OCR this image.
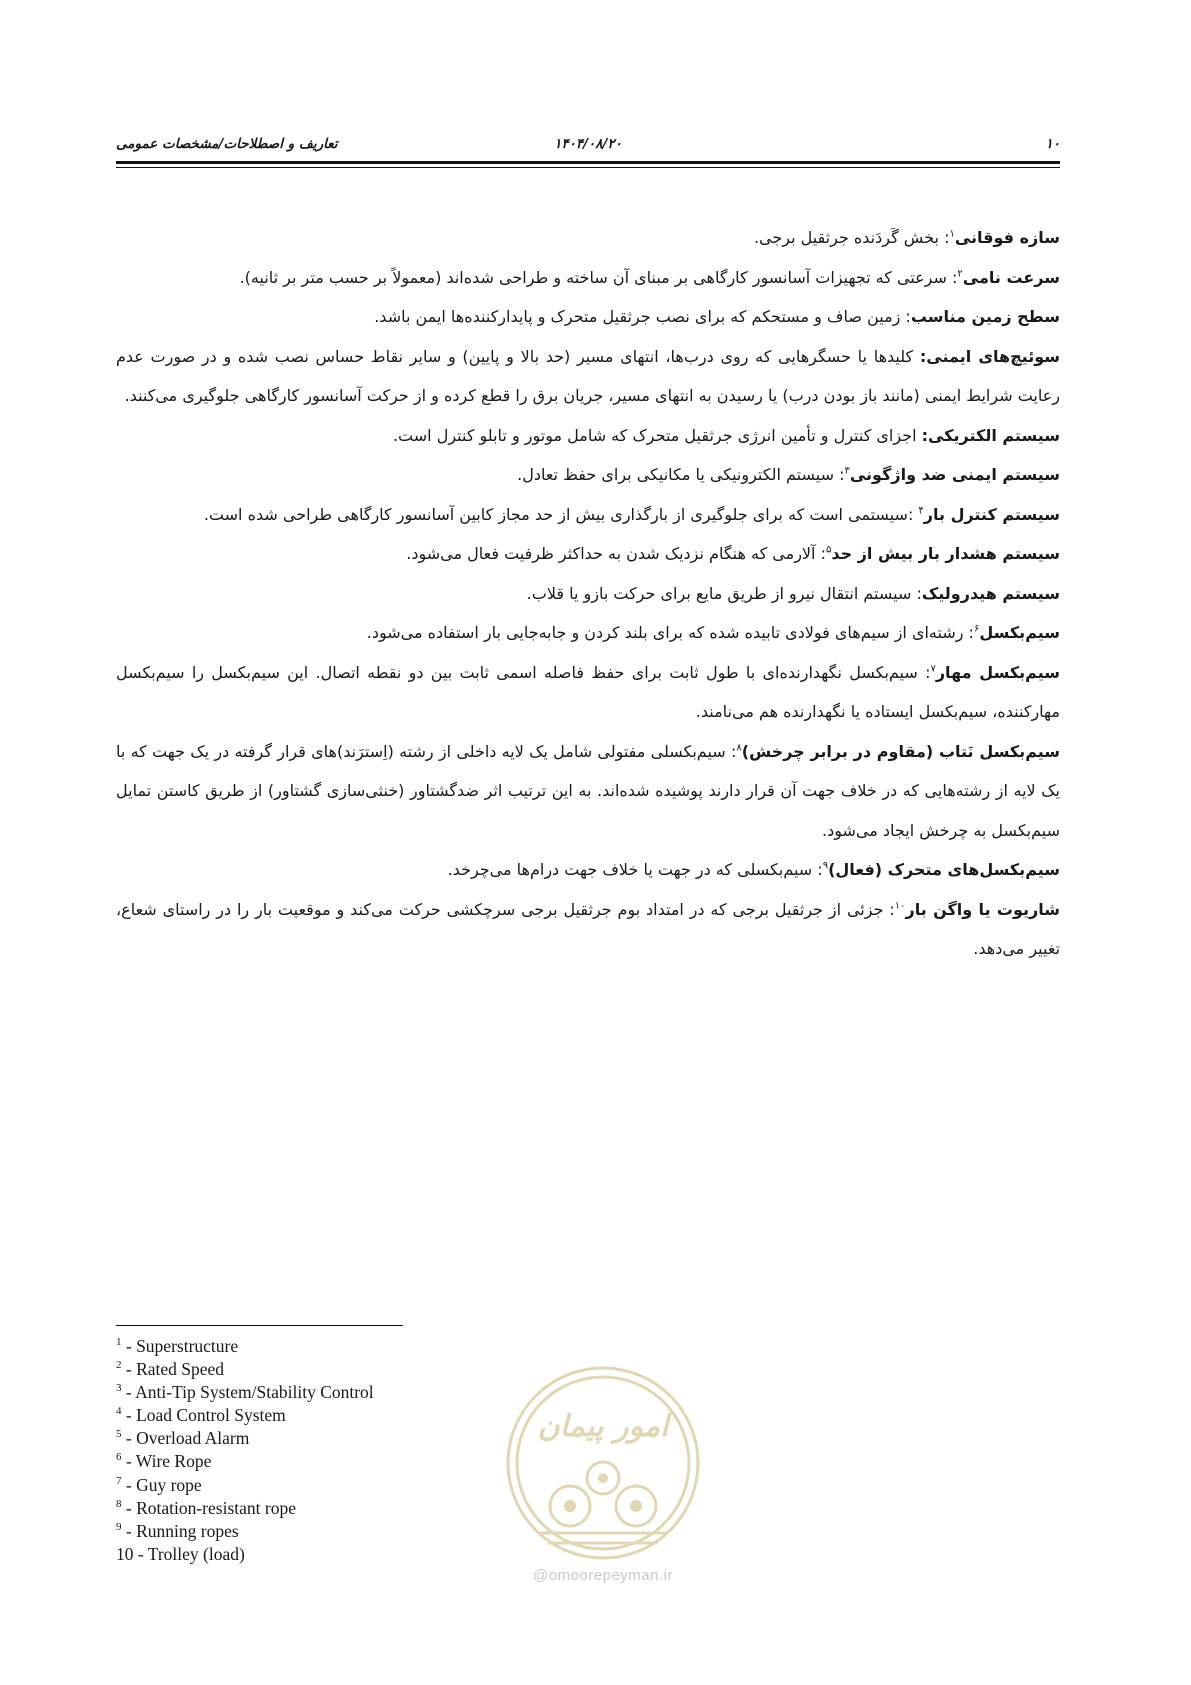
۱۰
۱۴۰۴/۰۸/۲۰
تعاریف و اصطلاحات/مشخصات عمومی

سازه فوقانی$^۱$: بخش گَردَنده جرثقیل برجی.

سرعت نامی$^۲$: سرعتی که تجهیزات آسانسور کارگاهی بر مبنای آن ساخته و طراحی شده‌اند (معمولاً بر حسب متر بر ثانیه).

سطح زمین مناسب: زمین صاف و مستحکم که برای نصب جرثقیل متحرک و پایدارکننده‌ها ایمن باشد.

سوئیچ‌های ایمنی: کلیدها یا حسگرهایی که روی درب‌ها، انتهای مسیر (حد بالا و پایین) و سایر نقاط حساس نصب شده و در صورت عدم رعایت شرایط ایمنی (مانند باز بودن درب) یا رسیدن به انتهای مسیر، جریان برق را قطع کرده و از حرکت آسانسور کارگاهی جلوگیری می‌کنند.

سیستم الکتریکی: اجزای کنترل و تأمین انرژی جرثقیل متحرک که شامل موتور و تابلو کنترل است.

سیستم ایمنی ضد واژگونی$^۳$: سیستم الکترونیکی یا مکانیکی برای حفظ تعادل.

سیستم کنترل بار$^۴$ :سیستمی است که برای جلوگیری از بارگذاری بیش از حد مجاز کابین آسانسور کارگاهی طراحی شده است.

سیستم هشدار بار بیش از حد$^۵$: آلارمی که هنگام نزدیک شدن به حداکثر ظرفیت فعال می‌شود.

سیستم هیدرولیک: سیستم انتقال نیرو از طریق مایع برای حرکت بازو یا قلاب.

سیم‌بکسل$^۶$: رشته‌ای از سیم‌های فولادی تابیده شده که برای بلند کردن و جابه‌جایی بار استفاده می‌شود.

سیم‌بکسل مهار$^۷$: سیم‌بکسل نگهدارنده‌ای با طول ثابت برای حفظ فاصله اسمی ثابت بین دو نقطه اتصال. این سیم‌بکسل را سیم‌بکسل مهارکننده، سیم‌بکسل ایستاده یا نگهدارنده هم می‌نامند.

سیم‌بکسل نَتاب (مقاوم در برابر چرخش)$^۸$: سیم‌بکسلی مفتولی شامل یک لایه داخلی از رشته (اِسترَند)های قرار گرفته در یک جهت که با یک لایه از رشته‌هایی که در خلاف جهت آن قرار دارند پوشیده شده‌اند. به این ترتیب اثر ضدگشتاور (خنثی‌سازی گشتاور) از طریق کاستن تمایل سیم‌بکسل به چرخش ایجاد می‌شود.

سیم‌بکسل‌های متحرک (فعال)$^۹$: سیم‌بکسلی که در جهت یا خلاف جهت درام‌ها می‌چرخد.

شاریوت یا واگن بار$^{۱۰}$: جزئی از جرثقیل برجی که در امتداد بوم جرثقیل برجی سرچکشی حرکت می‌کند و موقعیت بار را در راستای شعاع، تغییر می‌دهد.

$^1$ - Superstructure
$^2$ - Rated Speed
$^3$ - Anti-Tip System/Stability Control
$^4$ - Load Control System
$^5$ - Overload Alarm
$^6$ - Wire Rope
$^7$ - Guy rope
$^8$ - Rotation-resistant rope
$^9$ - Running ropes
10 - Trolley (load)
امور پیمان
@omoorepeyman.ir
